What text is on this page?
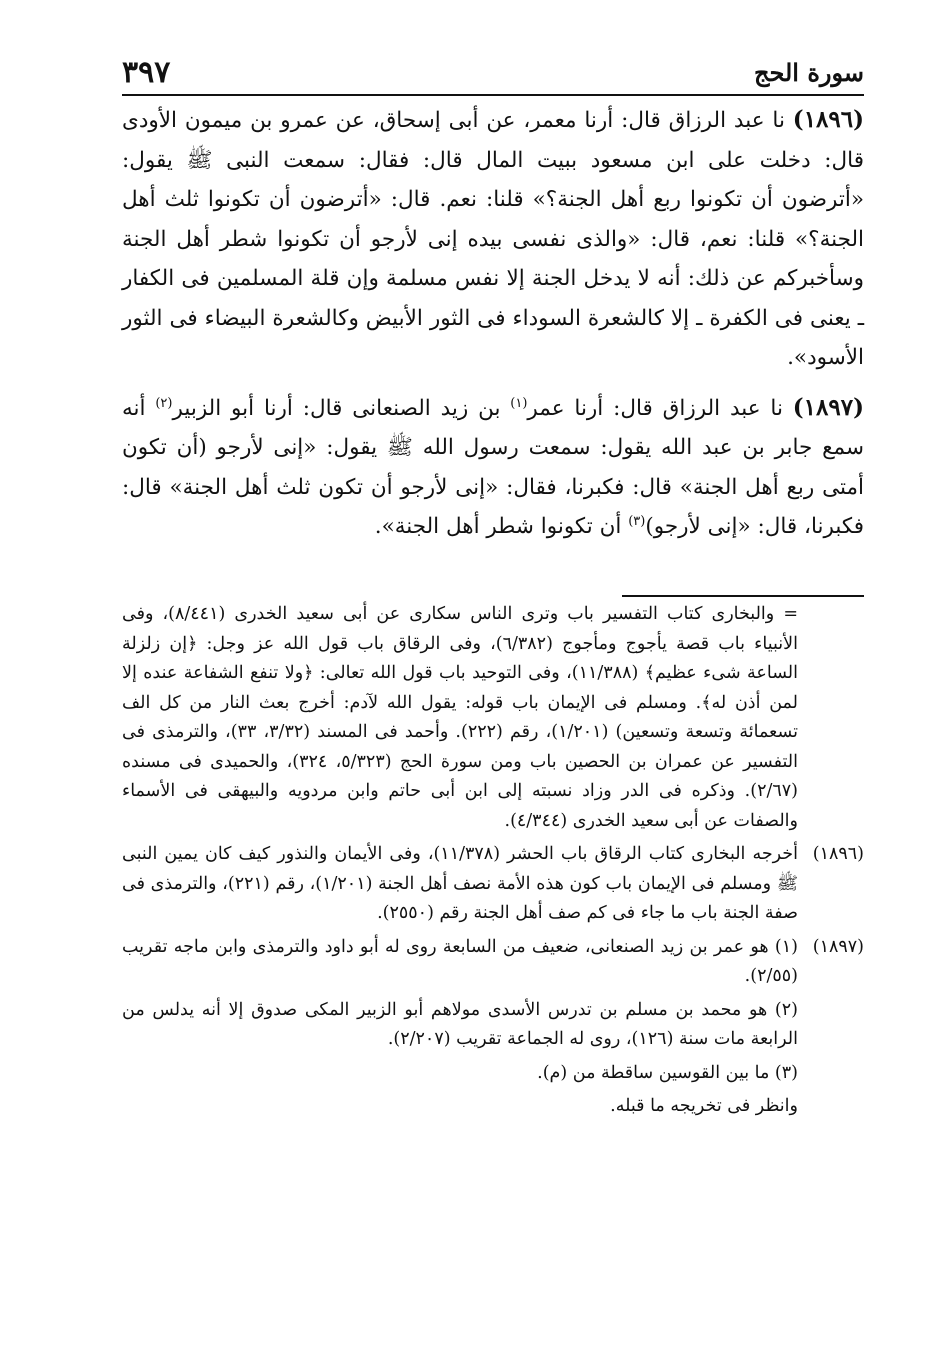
٣٩٧	سورة الحج

(١٨٩٦) نا عبد الرزاق قال: أرنا معمر، عن أبى إسحاق، عن عمرو بن ميمون الأودى قال: دخلت على ابن مسعود ببيت المال قال: فقال: سمعت النبى ﷺ يقول: «أترضون أن تكونوا ربع أهل الجنة؟» قلنا: نعم. قال: «أترضون أن تكونوا ثلث أهل الجنة؟» قلنا: نعم، قال: «والذى نفسى بيده إنى لأرجو أن تكونوا شطر أهل الجنة وسأخبركم عن ذلك: أنه لا يدخل الجنة إلا نفس مسلمة وإن قلة المسلمين فى الكفار ـ يعنى فى الكفرة ـ إلا كالشعرة السوداء فى الثور الأبيض وكالشعرة البيضاء فى الثور الأسود».

(١٨٩٧) نا عبد الرزاق قال: أرنا عمر$^{(١)}$ بن زيد الصنعانى قال: أرنا أبو الزبير$^{(٢)}$ أنه سمع جابر بن عبد الله يقول: سمعت رسول الله ﷺ يقول: «إنى لأرجو (أن تكون أمتى ربع أهل الجنة» قال: فكبرنا، فقال: «إنى لأرجو أن تكون ثلث أهل الجنة» قال: فكبرنا، قال: «إنى لأرجو)$^{(٣)}$ أن تكونوا شطر أهل الجنة».

= والبخارى كتاب التفسير باب وترى الناس سكارى عن أبى سعيد الخدرى (٨/٤٤١)، وفى الأنبياء باب قصة يأجوج ومأجوج (٦/٣٨٢)، وفى الرقاق باب قول الله عز وجل: ﴿إن زلزلة الساعة شىء عظيم﴾ (١١/٣٨٨)، وفى التوحيد باب قول الله تعالى: ﴿ولا تنفع الشفاعة عنده إلا لمن أذن له﴾. ومسلم فى الإيمان باب قوله: يقول الله لآدم: أخرج بعث النار من كل الف تسعمائة وتسعة وتسعين) (١/٢٠١)، رقم (٢٢٢). وأحمد فى المسند (٣/٣٢، ٣٣)، والترمذى فى التفسير عن عمران بن الحصين باب ومن سورة الحج (٥/٣٢٣، ٣٢٤)، والحميدى فى مسنده (٢/٦٧). وذكره فى الدر وزاد نسبته إلى ابن أبى حاتم وابن مردويه والبيهقى فى الأسماء والصفات عن أبى سعيد الخدرى (٤/٣٤٤).
(١٨٩٦)
أخرجه البخارى كتاب الرقاق باب الحشر (١١/٣٧٨)، وفى الأيمان والنذور كيف كان يمين النبى ﷺ ومسلم فى الإيمان باب كون هذه الأمة نصف أهل الجنة (١/٢٠١)، رقم (٢٢١)، والترمذى فى صفة الجنة باب ما جاء فى كم صف أهل الجنة رقم (٢٥٥٠).
(١٨٩٧)
(١) هو عمر بن زيد الصنعانى، ضعيف من السابعة روى له أبو داود والترمذى وابن ماجه تقريب (٢/٥٥).
(٢) هو محمد بن مسلم بن تدرس الأسدى مولاهم أبو الزبير المكى صدوق إلا أنه يدلس من الرابعة مات سنة (١٢٦)، روى له الجماعة تقريب (٢/٢٠٧).
(٣) ما بين القوسين ساقطة من (م).
وانظر فى تخريجه ما قبله.
